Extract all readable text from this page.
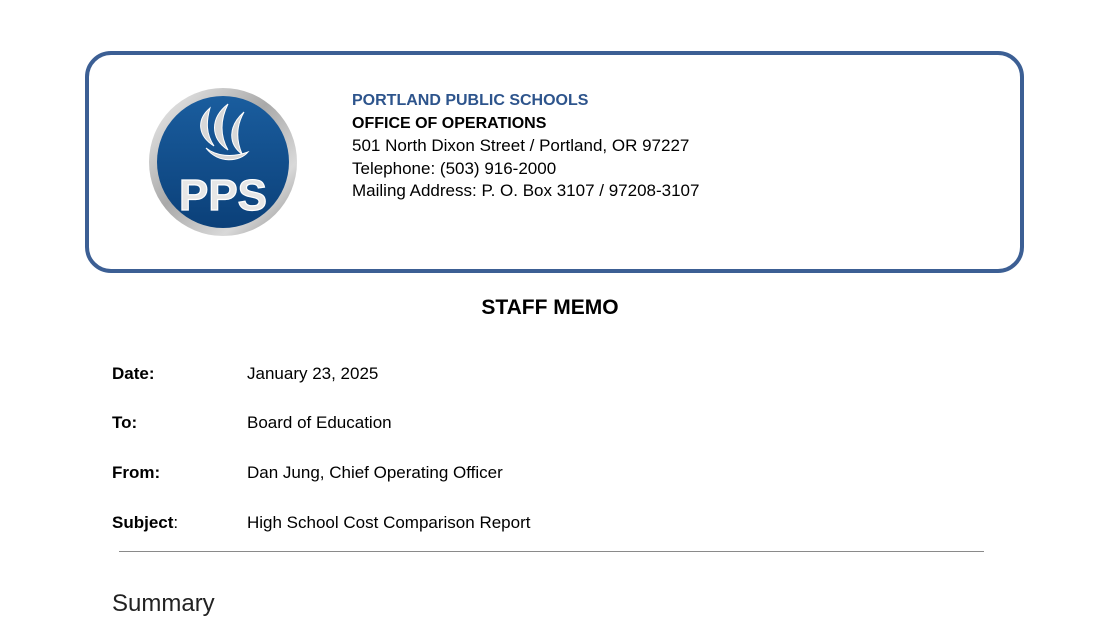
PPS
PORTLAND PUBLIC SCHOOLS
OFFICE OF OPERATIONS
501 North Dixon Street / Portland, OR 97227
Telephone: (503) 916-2000
Mailing Address: P. O. Box 3107 / 97208-3107
STAFF MEMO
Date:	January 23, 2025
To:	Board of Education
From:	Dan Jung, Chief Operating Officer
Subject:	High School Cost Comparison Report
Summary
